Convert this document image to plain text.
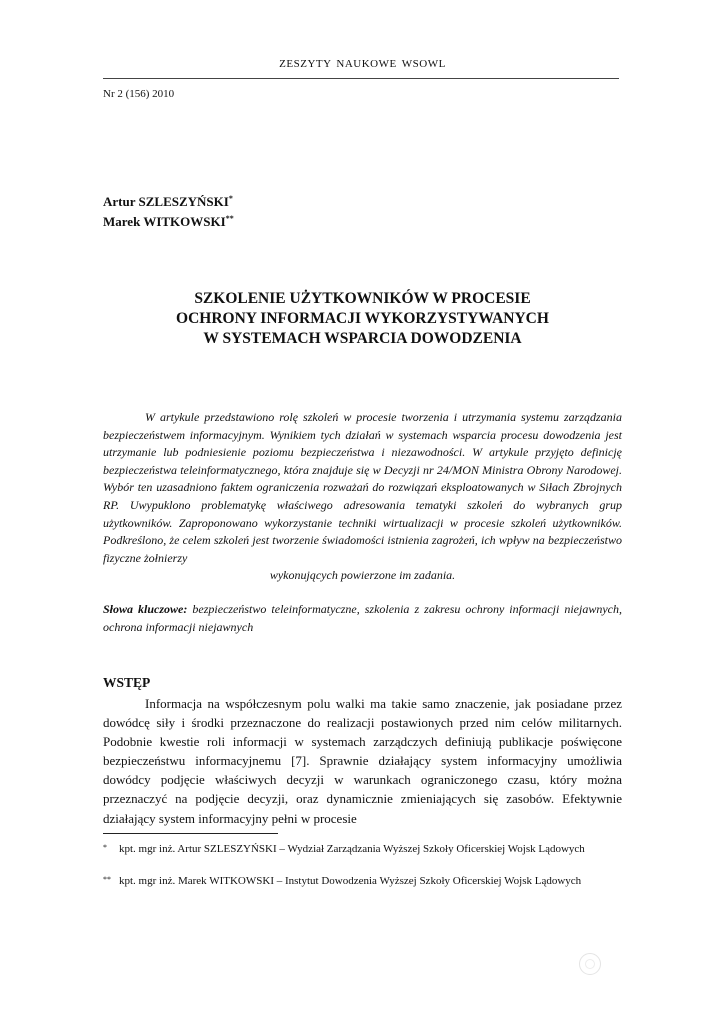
ZESZYTY NAUKOWE WSOWL
Nr 2 (156) 2010
Artur SZLESZYŃSKI*
Marek WITKOWSKI**
SZKOLENIE UŻYTKOWNIKÓW W PROCESIE
OCHRONY INFORMACJI WYKORZYSTYWANYCH
W SYSTEMACH WSPARCIA DOWODZENIA
W artykule przedstawiono rolę szkoleń w procesie tworzenia i utrzymania systemu zarządzania bezpieczeństwem informacyjnym. Wynikiem tych działań w systemach wsparcia procesu dowodzenia jest utrzymanie lub podniesienie poziomu bezpieczeństwa i niezawodności. W artykule przyjęto definicję bezpieczeństwa teleinformatycznego, która znajduje się w Decyzji nr 24/MON Ministra Obrony Narodowej. Wybór ten uzasadniono faktem ograniczenia rozważań do rozwiązań eksploatowanych w Siłach Zbrojnych RP. Uwypuklono problematykę właściwego adresowania tematyki szkoleń do wybranych grup użytkowników. Zaproponowano wykorzystanie techniki wirtualizacji w procesie szkoleń użytkowników. Podkreślono, że celem szkoleń jest tworzenie świadomości istnienia zagrożeń, ich wpływ na bezpieczeństwo fizyczne żołnierzy
wykonujących powierzone im zadania.

Słowa kluczowe: bezpieczeństwo teleinformatyczne, szkolenia z zakresu ochrony informacji niejawnych, ochrona informacji niejawnych

WSTĘP

Informacja na współczesnym polu walki ma takie samo znaczenie, jak posiadane przez dowódcę siły i środki przeznaczone do realizacji postawionych przed nim celów militarnych. Podobnie kwestie roli informacji w systemach zarządczych definiują publikacje poświęcone bezpieczeństwu informacyjnemu [7]. Sprawnie działający system informacyjny umożliwia dowódcy podjęcie właściwych decyzji w warunkach ograniczonego czasu, który można przeznaczyć na podjęcie decyzji, oraz dynamicznie zmieniających się zasobów. Efektywnie działający system informacyjny pełni w procesie

* kpt. mgr inż. Artur SZLESZYŃSKI – Wydział Zarządzania Wyższej Szkoły Oficerskiej Wojsk Lądowych
** kpt. mgr inż. Marek WITKOWSKI – Instytut Dowodzenia Wyższej Szkoły Oficerskiej Wojsk Lądowych
